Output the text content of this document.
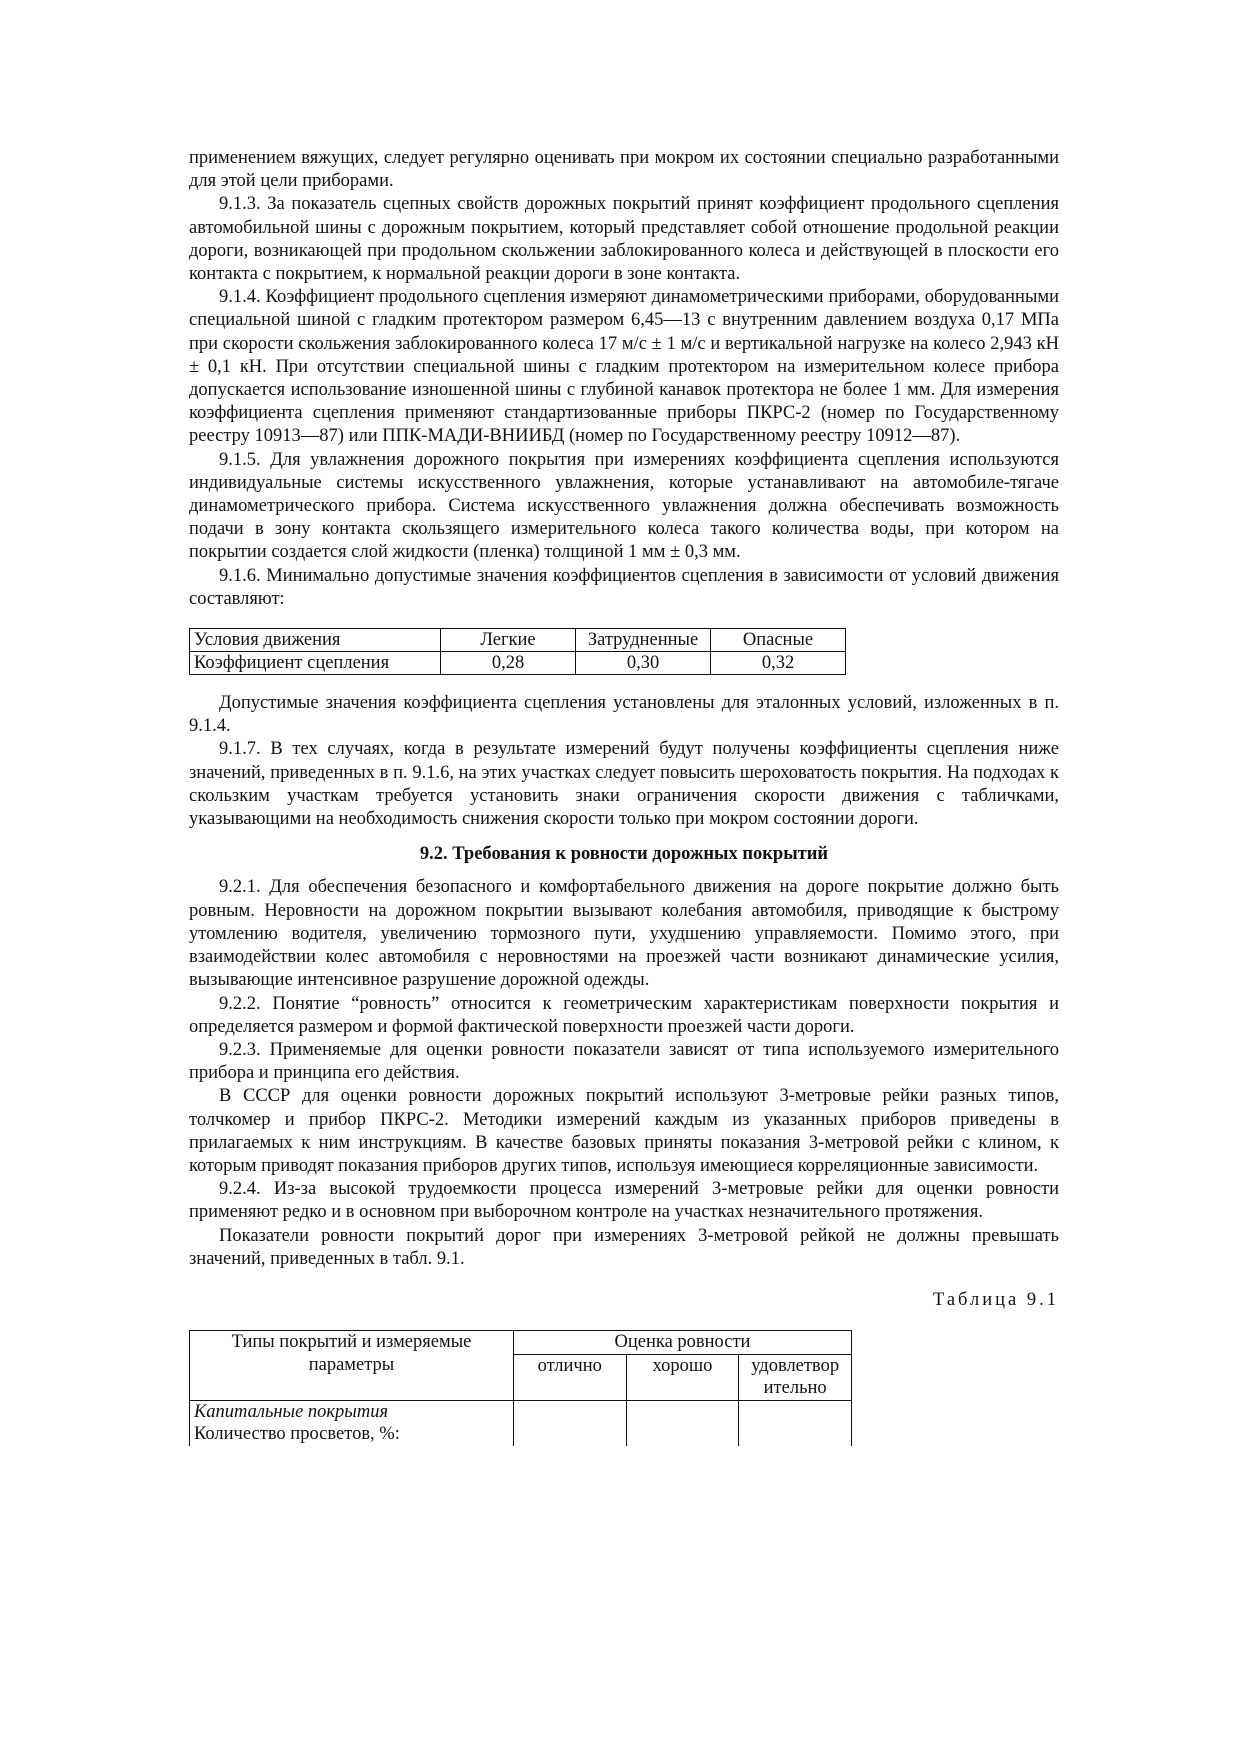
применением вяжущих, следует регулярно оценивать при мокром их состоянии специально разработанными для этой цели приборами.

9.1.3. За показатель сцепных свойств дорожных покрытий принят коэффициент продольного сцепления автомобильной шины с дорожным покрытием, который представляет собой отношение продольной реакции дороги, возникающей при продольном скольжении заблокированного колеса и действующей в плоскости его контакта с покрытием, к нормальной реакции дороги в зоне контакта.

9.1.4. Коэффициент продольного сцепления измеряют динамометрическими приборами, оборудованными специальной шиной с гладким протектором размером 6,45—13 с внутренним давлением воздуха 0,17 МПа при скорости скольжения заблокированного колеса 17 м/с ± 1 м/с и вертикальной нагрузке на колесо 2,943 кН ± 0,1 кН. При отсутствии специальной шины с гладким протектором на измерительном колесе прибора допускается использование изношенной шины с глубиной канавок протектора не более 1 мм. Для измерения коэффициента сцепления применяют стандартизованные приборы ПКРС-2 (номер по Государственному реестру 10913—87) или ППК-МАДИ-ВНИИБД (номер по Государственному реестру 10912—87).

9.1.5. Для увлажнения дорожного покрытия при измерениях коэффициента сцепления используются индивидуальные системы искусственного увлажнения, которые устанавливают на автомобиле-тягаче динамометрического прибора. Система искусственного увлажнения должна обеспечивать возможность подачи в зону контакта скользящего измерительного колеса такого количества воды, при котором на покрытии создается слой жидкости (пленка) толщиной 1 мм ± 0,3 мм.

9.1.6. Минимально допустимые значения коэффициентов сцепления в зависимости от условий движения составляют:

Условия движения	Легкие	Затрудненные	Опасные
Коэффициент сцепления	0,28	0,30	0,32

Допустимые значения коэффициента сцепления установлены для эталонных условий, изложенных в п. 9.1.4.

9.1.7. В тех случаях, когда в результате измерений будут получены коэффициенты сцепления ниже значений, приведенных в п. 9.1.6, на этих участках следует повысить шероховатость покрытия. На подходах к скользким участкам требуется установить знаки ограничения скорости движения с табличками, указывающими на необходимость снижения скорости только при мокром состоянии дороги.

9.2. Требования к ровности дорожных покрытий

9.2.1. Для обеспечения безопасного и комфортабельного движения на дороге покрытие должно быть ровным. Неровности на дорожном покрытии вызывают колебания автомобиля, приводящие к быстрому утомлению водителя, увеличению тормозного пути, ухудшению управляемости. Помимо этого, при взаимодействии колес автомобиля с неровностями на проезжей части возникают динамические усилия, вызывающие интенсивное разрушение дорожной одежды.

9.2.2. Понятие “ровность” относится к геометрическим характеристикам поверхности покрытия и определяется размером и формой фактической поверхности проезжей части дороги.

9.2.3. Применяемые для оценки ровности показатели зависят от типа используемого измерительного прибора и принципа его действия.

В СССР для оценки ровности дорожных покрытий используют 3-метровые рейки разных типов, толчкомер и прибор ПКРС-2. Методики измерений каждым из указанных приборов приведены в прилагаемых к ним инструкциям. В качестве базовых приняты показания 3-метровой рейки с клином, к которым приводят показания приборов других типов, используя имеющиеся корреляционные зависимости.

9.2.4. Из-за высокой трудоемкости процесса измерений 3-метровые рейки для оценки ровности применяют редко и в основном при выборочном контроле на участках незначительного протяжения.

Показатели ровности покрытий дорог при измерениях 3-метровой рейкой не должны превышать значений, приведенных в табл. 9.1.

Таблица 9.1
Типы покрытий и измеряемые параметры	Оценка ровности		
	отлично	хорошо	удовлетвор ительно

Капитальные покрытия
Количество просветов, %:			
